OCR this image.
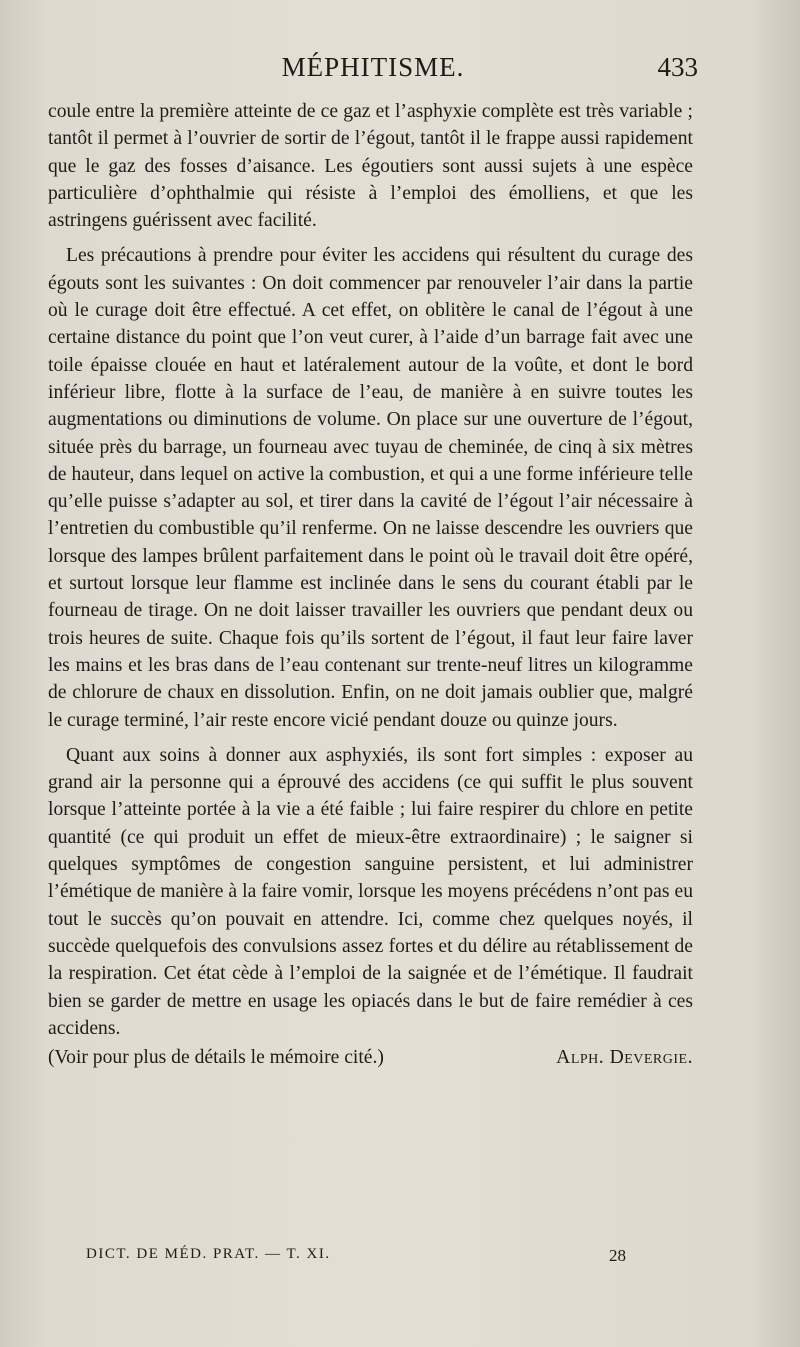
MÉPHITISME.	433

coule entre la première atteinte de ce gaz et l’asphyxie complète est très variable ; tantôt il permet à l’ouvrier de sortir de l’égout, tantôt il le frappe aussi rapidement que le gaz des fosses d’aisance. Les égoutiers sont aussi sujets à une espèce particulière d’ophthalmie qui résiste à l’emploi des émolliens, et que les astringens guérissent avec facilité.

Les précautions à prendre pour éviter les accidens qui résultent du curage des égouts sont les suivantes : On doit commencer par renouveler l’air dans la partie où le curage doit être effectué. A cet effet, on oblitère le canal de l’égout à une certaine distance du point que l’on veut curer, à l’aide d’un barrage fait avec une toile épaisse clouée en haut et latéralement autour de la voûte, et dont le bord inférieur libre, flotte à la surface de l’eau, de manière à en suivre toutes les augmentations ou diminutions de volume. On place sur une ouverture de l’égout, située près du barrage, un fourneau avec tuyau de cheminée, de cinq à six mètres de hauteur, dans lequel on active la combustion, et qui a une forme inférieure telle qu’elle puisse s’adapter au sol, et tirer dans la cavité de l’égout l’air nécessaire à l’entretien du combustible qu’il renferme. On ne laisse descendre les ouvriers que lorsque des lampes brûlent parfaitement dans le point où le travail doit être opéré, et surtout lorsque leur flamme est inclinée dans le sens du courant établi par le fourneau de tirage. On ne doit laisser travailler les ouvriers que pendant deux ou trois heures de suite. Chaque fois qu’ils sortent de l’égout, il faut leur faire laver les mains et les bras dans de l’eau contenant sur trente-neuf litres un kilogramme de chlorure de chaux en dissolution. Enfin, on ne doit jamais oublier que, malgré le curage terminé, l’air reste encore vicié pendant douze ou quinze jours.

Quant aux soins à donner aux asphyxiés, ils sont fort simples : exposer au grand air la personne qui a éprouvé des accidens (ce qui suffit le plus souvent lorsque l’atteinte portée à la vie a été faible ; lui faire respirer du chlore en petite quantité (ce qui produit un effet de mieux-être extraordinaire) ; le saigner si quelques symptômes de congestion sanguine persistent, et lui administrer l’émétique de manière à la faire vomir, lorsque les moyens précédens n’ont pas eu tout le succès qu’on pouvait en attendre. Ici, comme chez quelques noyés, il succède quelquefois des convulsions assez fortes et du délire au rétablissement de la respiration. Cet état cède à l’emploi de la saignée et de l’émétique. Il faudrait bien se garder de mettre en usage les opiacés dans le but de faire remédier à ces accidens.

(Voir pour plus de détails le mémoire cité.)	Alph. Devergie.
DICT. DE MÉD. PRAT. — T. XI.	28
